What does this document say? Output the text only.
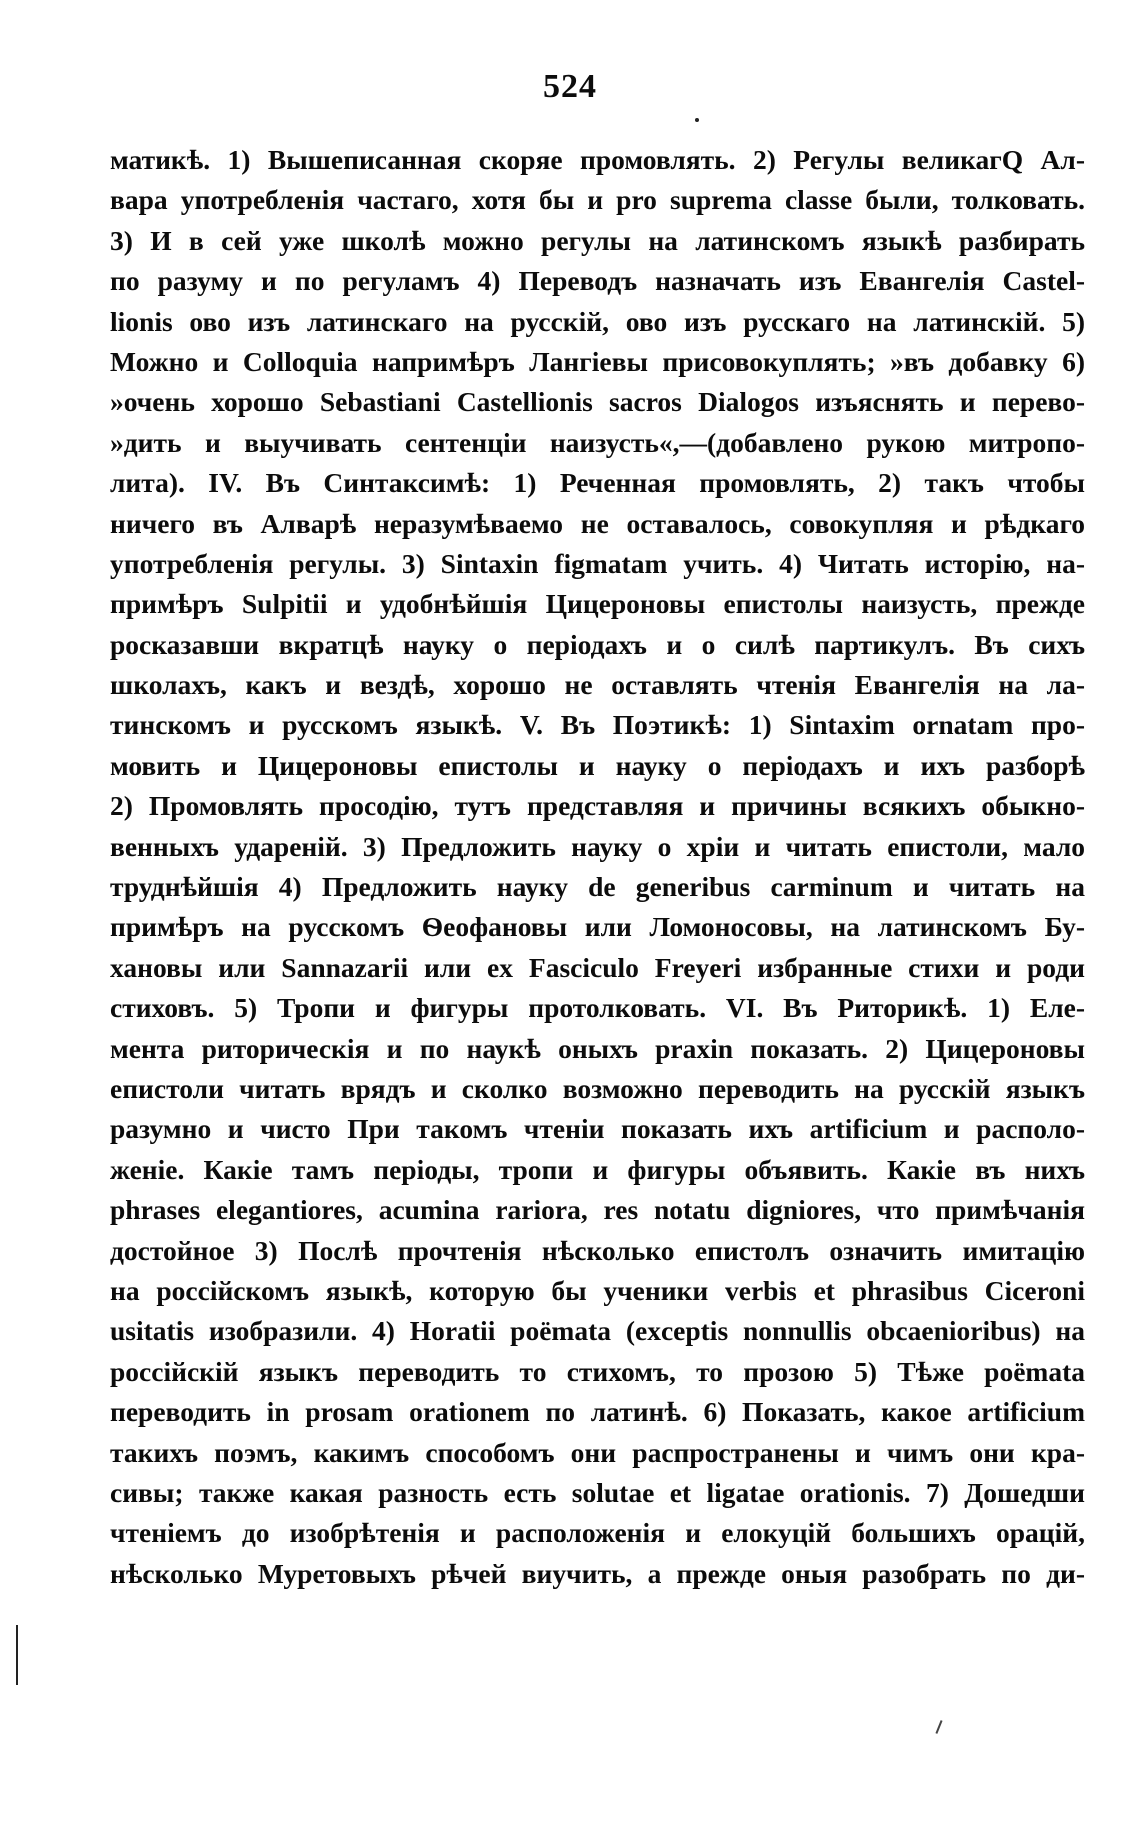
524
матикѣ. 1) Вышеписанная скоряе промовлять. 2) Регулы великагQ Ал-
вара употребленія частаго, хотя бы и pro suprema classe были, толковать.
3) И в сей уже школѣ можно регулы на латинскомъ языкѣ разбирать
по разуму и по регуламъ 4) Переводъ назначать изъ Евангелія Castel-
lionis ово изъ латинскаго на русскій, ово изъ русскаго на латинскій. 5)
Можно и Colloquia напримѣръ Лангіевы присовокуплять; »въ добавку 6)
»очень хорошо Sebastiani Castellionis sacros Dialogos изъяснять и перево-
»дить и выучивать сентенціи наизусть«,—(добавлено рукою митропо-
лита). IV. Въ Синтаксимѣ: 1) Реченная промовлять, 2) такъ чтобы
ничего въ Алварѣ неразумѣваемо не оставалось, совокупляя и рѣдкаго
употребленія регулы. 3) Sintaxin figmatam учить. 4) Читать исторію, на-
примѣръ Sulpitii и удобнѣйшія Цицероновы епистолы наизусть, прежде
росказавши вкратцѣ науку о періодахъ и о силѣ партикулъ. Въ сихъ
школахъ, какъ и вездѣ, хорошо не оставлять чтенія Евангелія на ла-
тинскомъ и русскомъ языкѣ. V. Въ Поэтикѣ: 1) Sintaxim ornatam про-
мовить и Цицероновы епистолы и науку о періодахъ и ихъ разборѣ
2) Промовлять просодію, тутъ представляя и причины всякихъ обыкно-
венныхъ удареній. 3) Предложить науку о хріи и читать епистоли, мало
труднѣйшія 4) Предложить науку de generibus carminum и читать на
примѣръ на русскомъ Ѳеофановы или Ломоносовы, на латинскомъ Бу-
хановы или Sannazarii или ex Fasciculo Freyeri избранные стихи и роди
стиховъ. 5) Тропи и фигуры протолковать. VI. Въ Риторикѣ. 1) Еле-
мента риторическія и по наукѣ оныхъ praxin показать. 2) Цицероновы
епистоли читать врядъ и сколко возможно переводить на русскій языкъ
разумно и чисто При такомъ чтеніи показать ихъ artificium и располо-
женіе. Какіе тамъ періоды, тропи и фигуры объявить. Какіе въ нихъ
phrases elegantiores, acumina rariora, res notatu digniores, что примѣчанія
достойное 3) Послѣ прочтенія нѣсколько епистолъ означить имитацію
на россійскомъ языкѣ, которую бы ученики verbis et phrasibus Ciceroni
usitatis изобразили. 4) Horatii poëmata (exceptis nonnullis obcaenioribus) на
россійскій языкъ переводить то стихомъ, то прозою 5) Тѣже poëmata
переводить in prosam orationem по латинѣ. 6) Показать, какое artificium
такихъ поэмъ, какимъ способомъ они распространены и чимъ они кра-
сивы; также какая разность есть solutae et ligatae orationis. 7) Дошедши
чтеніемъ до изобрѣтенія и расположенія и елокуцій большихъ орацій,
нѣсколько Муретовыхъ рѣчей виучить, а прежде оныя разобрать по ди-
